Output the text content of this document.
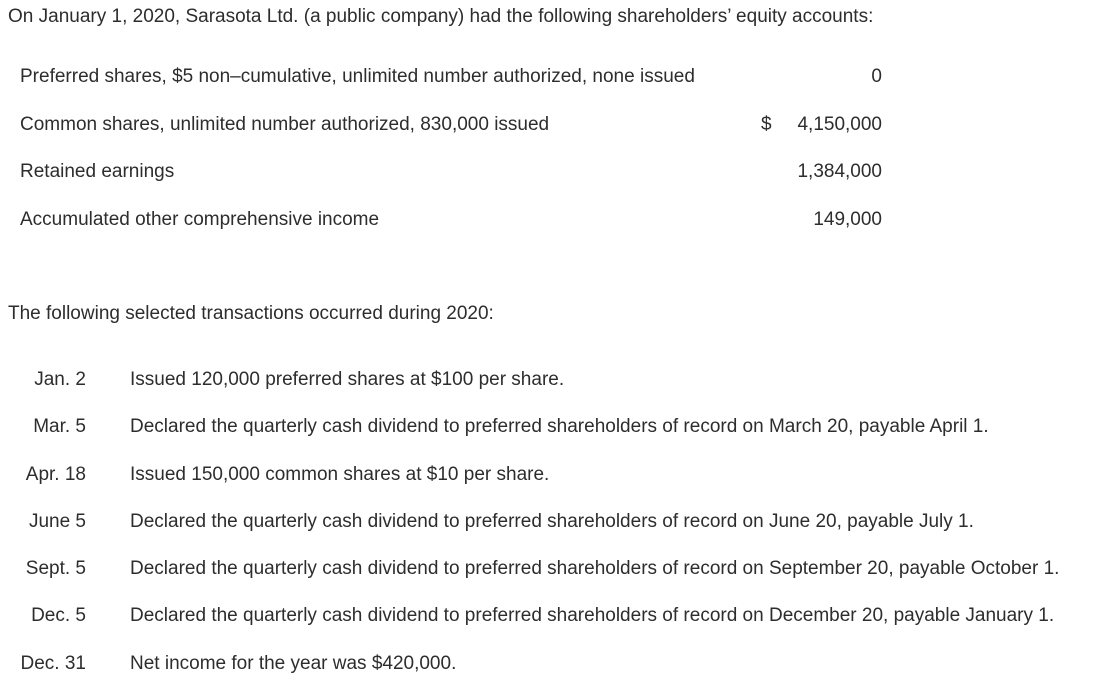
On January 1, 2020, Sarasota Ltd. (a public company) had the following shareholders’ equity accounts:
Preferred shares, $5 non–cumulative, unlimited number authorized, none issued	0
Common shares, unlimited number authorized, 830,000 issued	$ 4,150,000
Retained earnings	1,384,000
Accumulated other comprehensive income	149,000
The following selected transactions occurred during 2020:
Jan. 2 Issued 120,000 preferred shares at $100 per share.
Mar. 5 Declared the quarterly cash dividend to preferred shareholders of record on March 20, payable April 1.
Apr. 18 Issued 150,000 common shares at $10 per share.
June 5 Declared the quarterly cash dividend to preferred shareholders of record on June 20, payable July 1.
Sept. 5 Declared the quarterly cash dividend to preferred shareholders of record on September 20, payable October 1.
Dec. 5 Declared the quarterly cash dividend to preferred shareholders of record on December 20, payable January 1.
Dec. 31 Net income for the year was $420,000.
